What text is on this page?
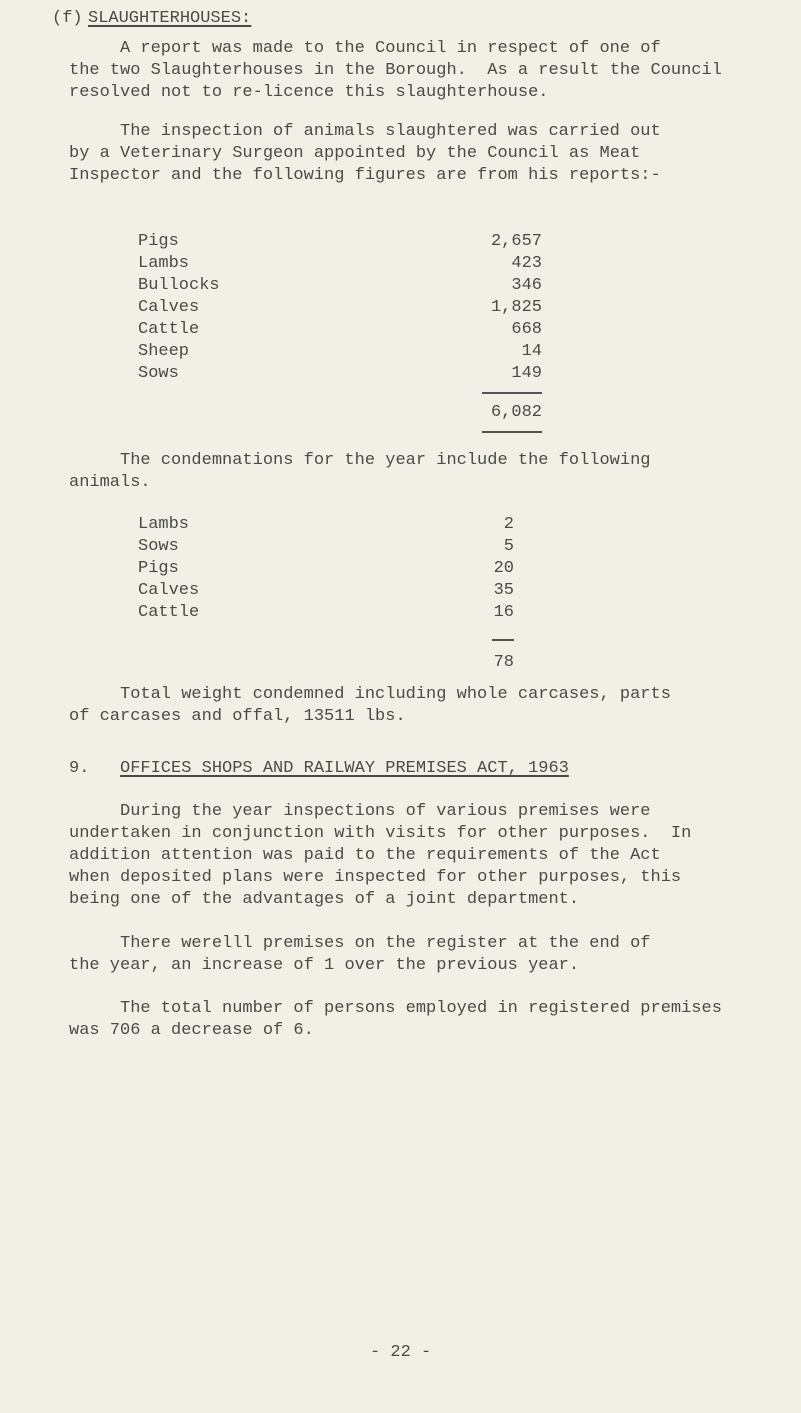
(f) SLAUGHTERHOUSES:
A report was made to the Council in respect of one of
the two Slaughterhouses in the Borough.  As a result the Council
resolved not to re-licence this slaughterhouse.
The inspection of animals slaughtered was carried out
by a Veterinary Surgeon appointed by the Council as Meat
Inspector and the following figures are from his reports:-
Pigs	2,657
Lambs	423
Bullocks	346
Calves	1,825
Cattle	668
Sheep	14
Sows	149
6,082
The condemnations for the year include the following
animals.
Lambs	2
Sows	5
Pigs	20
Calves	35
Cattle	16
78
Total weight condemned including whole carcases, parts
of carcases and offal, 13511 lbs.
9. OFFICES SHOPS AND RAILWAY PREMISES ACT, 1963
During the year inspections of various premises were
undertaken in conjunction with visits for other purposes.  In
addition attention was paid to the requirements of the Act
when deposited plans were inspected for other purposes, this
being one of the advantages of a joint department.
There werelll premises on the register at the end of
the year, an increase of 1 over the previous year.
The total number of persons employed in registered premises
was 706 a decrease of 6.
- 22 -
